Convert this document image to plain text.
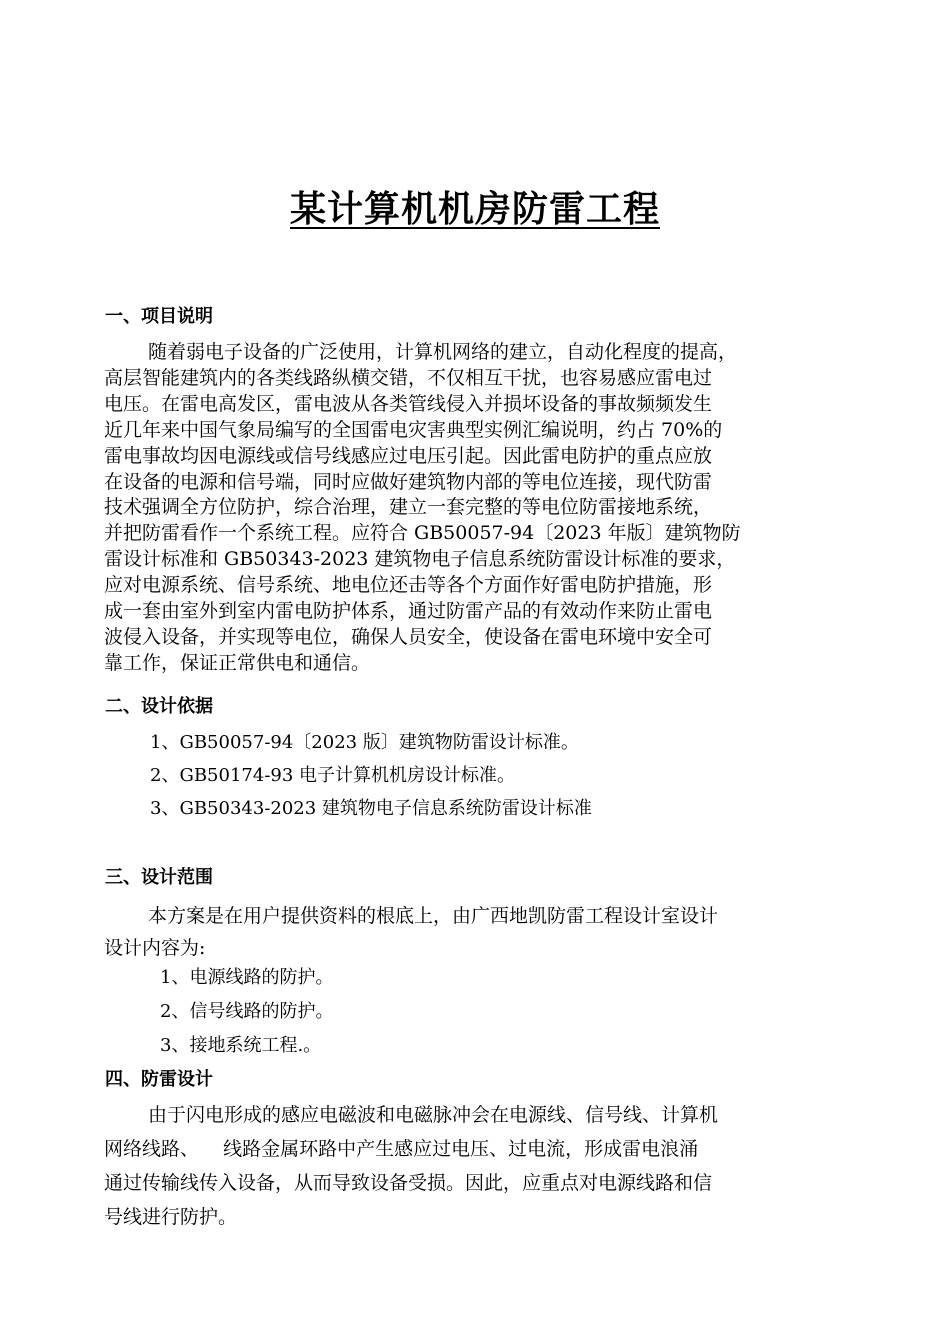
某计算机机房防雷工程
一、项目说明
随着弱电子设备的广泛使用，计算机网络的建立，自动化程度的提高，
高层智能建筑内的各类线路纵横交错，不仅相互干扰，也容易感应雷电过
电压。在雷电高发区，雷电波从各类管线侵入并损坏设备的事故频频发生
近几年来中国气象局编写的全国雷电灾害典型实例汇编说明，约占 70%的
雷电事故均因电源线或信号线感应过电压引起。因此雷电防护的重点应放
在设备的电源和信号端，同时应做好建筑物内部的等电位连接，现代防雷
技术强调全方位防护，综合治理，建立一套完整的等电位防雷接地系统，
并把防雷看作一个系统工程。应符合 GB50057-94〔2023 年版〕建筑物防
雷设计标准和 GB50343-2023 建筑物电子信息系统防雷设计标准的要求，
应对电源系统、信号系统、地电位还击等各个方面作好雷电防护措施，形
成一套由室外到室内雷电防护体系，通过防雷产品的有效动作来防止雷电
波侵入设备，并实现等电位，确保人员安全，使设备在雷电环境中安全可
靠工作，保证正常供电和通信。
二、设计依据
1、GB50057-94〔2023 版〕建筑物防雷设计标准。
2、GB50174-93 电子计算机机房设计标准。
3、GB50343-2023 建筑物电子信息系统防雷设计标准
三、设计范围
本方案是在用户提供资料的根底上，由广西地凯防雷工程设计室设计
设计内容为:
1、电源线路的防护。
2、信号线路的防护。
3、接地系统工程.。
四、防雷设计
由于闪电形成的感应电磁波和电磁脉冲会在电源线、信号线、计算机
网络线路、    线路金属环路中产生感应过电压、过电流，形成雷电浪涌
通过传输线传入设备，从而导致设备受损。因此，应重点对电源线路和信
号线进行防护。
